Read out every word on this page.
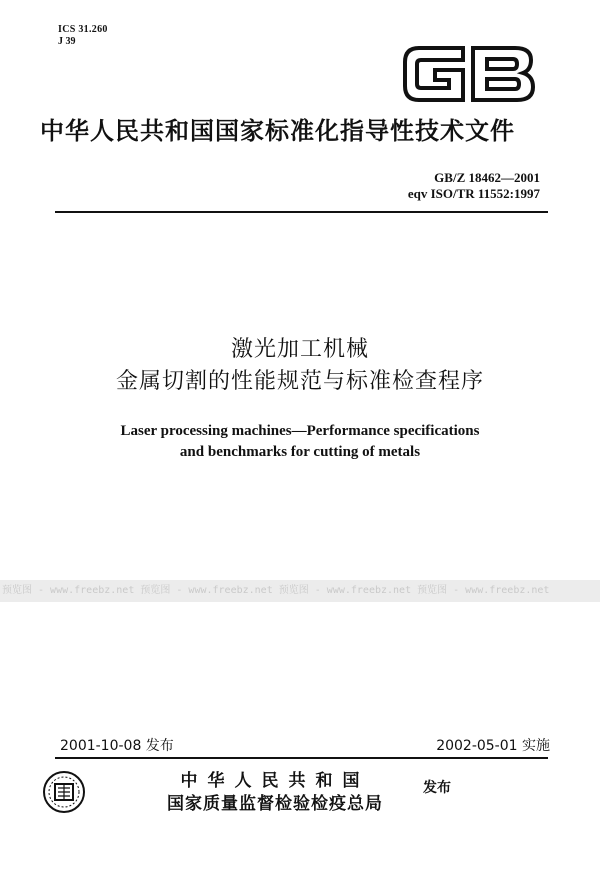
ICS 31.260
J 39
中华人民共和国国家标准化指导性技术文件
GB/Z 18462—2001
eqv ISO/TR 11552:1997
激光加工机械
金属切割的性能规范与标准检查程序
Laser processing machines—Performance specifications
and benchmarks for cutting of metals
预览图 - www.freebz.net 预览图 - www.freebz.net 预览图 - www.freebz.net 预览图 - www.freebz.net
2001-10-08 发布	2002-05-01 实施
中华人民共和国
国家质量监督检验检疫总局
发布
